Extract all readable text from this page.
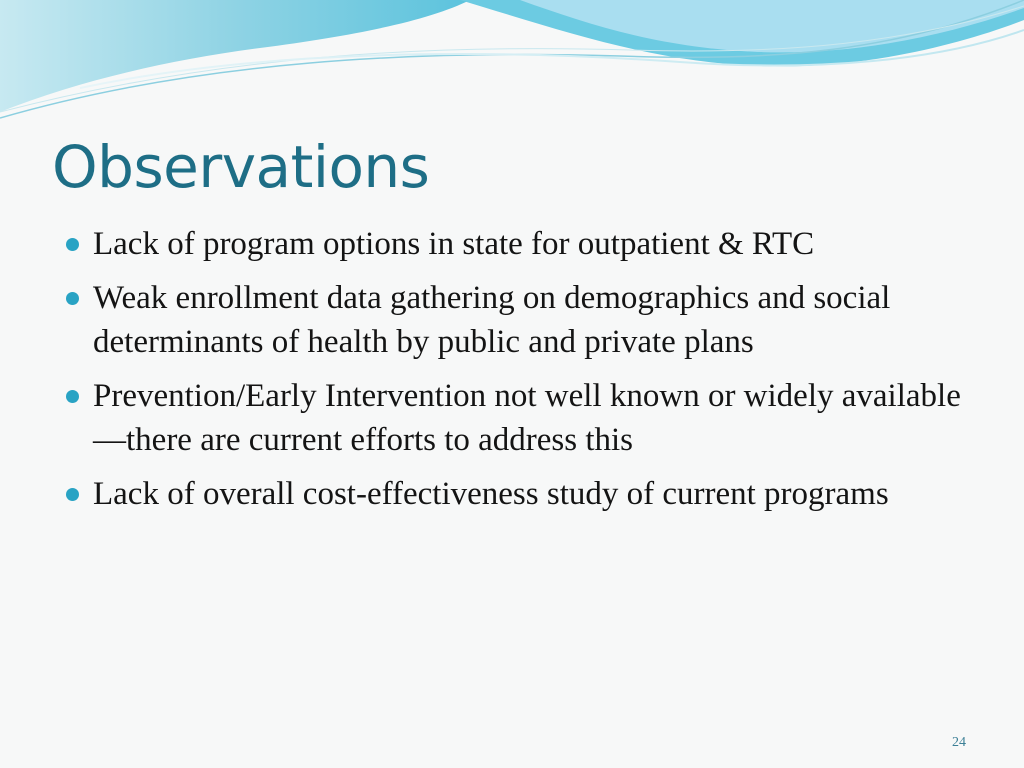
Observations
Lack of program options in state for outpatient & RTC
Weak enrollment data gathering on demographics and social determinants of health by public and private plans
Prevention/Early Intervention not well known or widely available—there are current efforts to address this
Lack of overall cost-effectiveness study of current programs
24
